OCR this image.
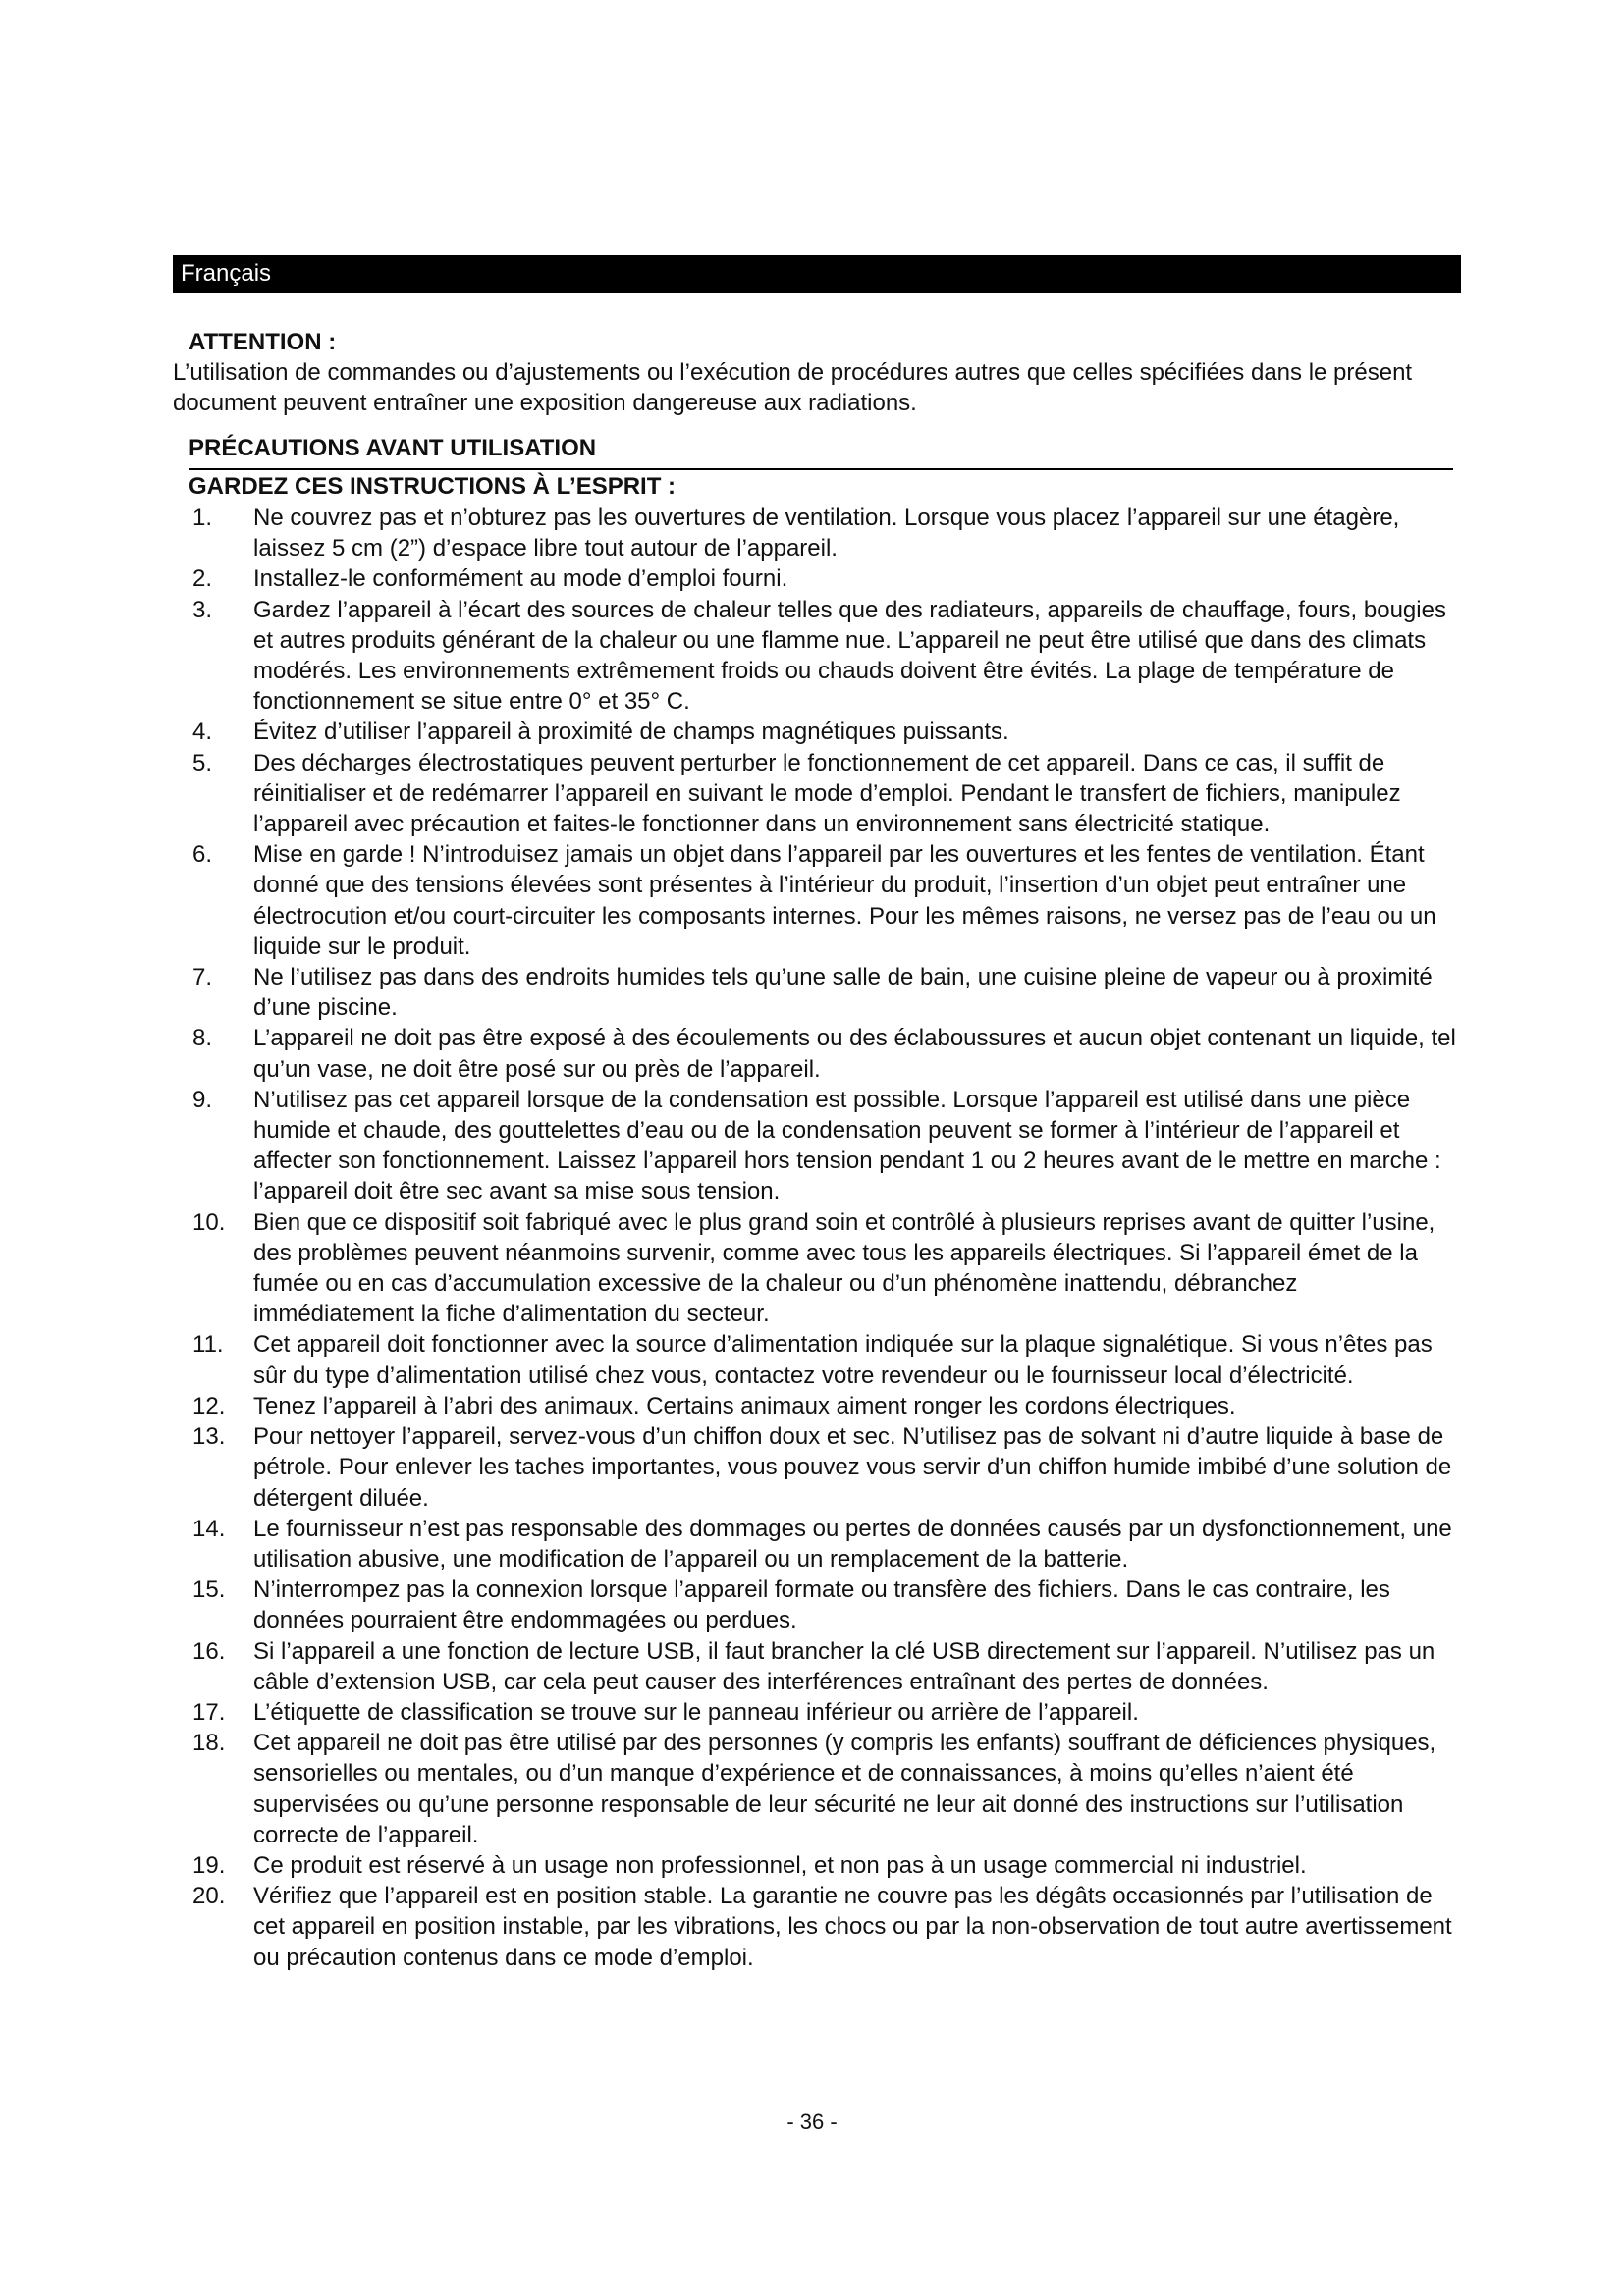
Français
ATTENTION :
L’utilisation de commandes ou d’ajustements ou l’exécution de procédures autres que celles spécifiées dans le présent document peuvent entraîner une exposition dangereuse aux radiations.
PRÉCAUTIONS AVANT UTILISATION
GARDEZ CES INSTRUCTIONS À L’ESPRIT :
1.	Ne couvrez pas et n’obturez pas les ouvertures de ventilation. Lorsque vous placez l’appareil sur une étagère, laissez 5 cm (2”) d’espace libre tout autour de l’appareil.
2.	Installez-le conformément au mode d’emploi fourni.
3.	Gardez l’appareil à l’écart des sources de chaleur telles que des radiateurs, appareils de chauffage, fours, bougies et autres produits générant de la chaleur ou une flamme nue. L’appareil ne peut être utilisé que dans des climats modérés. Les environnements extrêmement froids ou chauds doivent être évités. La plage de température de fonctionnement se situe entre 0° et 35° C.
4.	Évitez d’utiliser l’appareil à proximité de champs magnétiques puissants.
5.	Des décharges électrostatiques peuvent perturber le fonctionnement de cet appareil. Dans ce cas, il suffit de réinitialiser et de redémarrer l’appareil en suivant le mode d’emploi. Pendant le transfert de fichiers, manipulez l’appareil avec précaution et faites-le fonctionner dans un environnement sans électricité statique.
6.	Mise en garde ! N’introduisez jamais un objet dans l’appareil par les ouvertures et les fentes de ventilation. Étant donné que des tensions élevées sont présentes à l’intérieur du produit, l’insertion d’un objet peut entraîner une électrocution et/ou court-circuiter les composants internes. Pour les mêmes raisons, ne versez pas de l’eau ou un liquide sur le produit.
7.	Ne l’utilisez pas dans des endroits humides tels qu’une salle de bain, une cuisine pleine de vapeur ou à proximité d’une piscine.
8.	L’appareil ne doit pas être exposé à des écoulements ou des éclaboussures et aucun objet contenant un liquide, tel qu’un vase, ne doit être posé sur ou près de l’appareil.
9.	N’utilisez pas cet appareil lorsque de la condensation est possible. Lorsque l’appareil est utilisé dans une pièce humide et chaude, des gouttelettes d’eau ou de la condensation peuvent se former à l’intérieur de l’appareil et affecter son fonctionnement. Laissez l’appareil hors tension pendant 1 ou 2 heures avant de le mettre en marche : l’appareil doit être sec avant sa mise sous tension.
10.	Bien que ce dispositif soit fabriqué avec le plus grand soin et contrôlé à plusieurs reprises avant de quitter l’usine, des problèmes peuvent néanmoins survenir, comme avec tous les appareils électriques. Si l’appareil émet de la fumée ou en cas d’accumulation excessive de la chaleur ou d’un phénomène inattendu, débranchez immédiatement la fiche d’alimentation du secteur.
11.	Cet appareil doit fonctionner avec la source d’alimentation indiquée sur la plaque signalétique. Si vous n’êtes pas sûr du type d’alimentation utilisé chez vous, contactez votre revendeur ou le fournisseur local d’électricité.
12.	Tenez l’appareil à l’abri des animaux. Certains animaux aiment ronger les cordons électriques.
13.	Pour nettoyer l’appareil, servez-vous d’un chiffon doux et sec. N’utilisez pas de solvant ni d’autre liquide à base de pétrole. Pour enlever les taches importantes, vous pouvez vous servir d’un chiffon humide imbibé d’une solution de détergent diluée.
14.	Le fournisseur n’est pas responsable des dommages ou pertes de données causés par un dysfonctionnement, une utilisation abusive, une modification de l’appareil ou un remplacement de la batterie.
15.	N’interrompez pas la connexion lorsque l’appareil formate ou transfère des fichiers. Dans le cas contraire, les données pourraient être endommagées ou perdues.
16.	Si l’appareil a une fonction de lecture USB, il faut brancher la clé USB directement sur l’appareil. N’utilisez pas un câble d’extension USB, car cela peut causer des interférences entraînant des pertes de données.
17.	L’étiquette de classification se trouve sur le panneau inférieur ou arrière de l’appareil.
18.	Cet appareil ne doit pas être utilisé par des personnes (y compris les enfants) souffrant de déficiences physiques, sensorielles ou mentales, ou d’un manque d’expérience et de connaissances, à moins qu’elles n’aient été supervisées ou qu’une personne responsable de leur sécurité ne leur ait donné des instructions sur l’utilisation correcte de l’appareil.
19.	Ce produit est réservé à un usage non professionnel, et non pas à un usage commercial ni industriel.
20.	Vérifiez que l’appareil est en position stable. La garantie ne couvre pas les dégâts occasionnés par l’utilisation de cet appareil en position instable, par les vibrations, les chocs ou par la non-observation de tout autre avertissement ou précaution contenus dans ce mode d’emploi.
- 36 -
